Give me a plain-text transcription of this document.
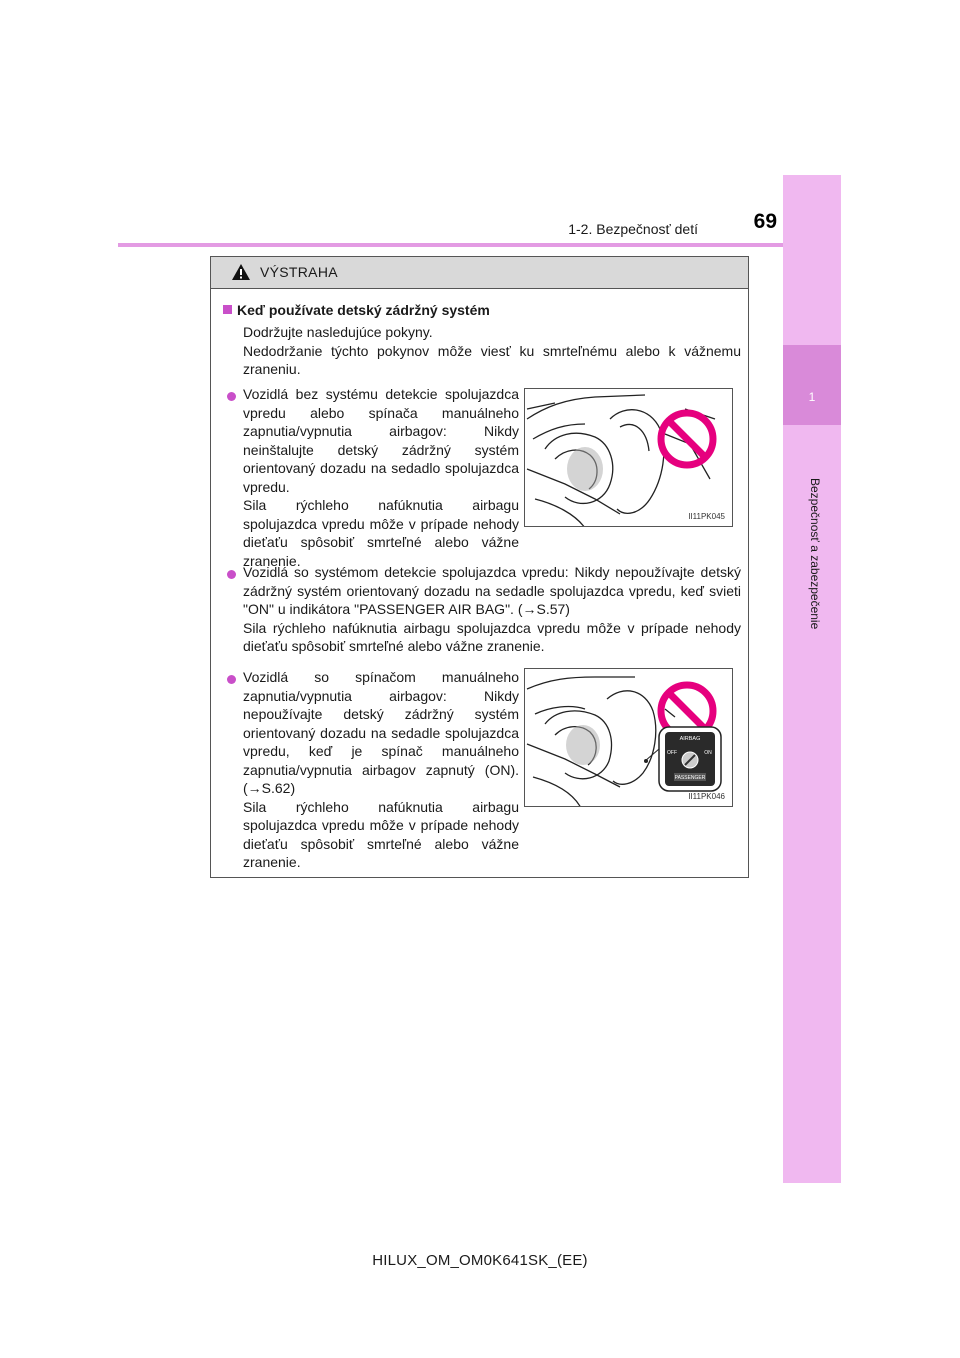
1
Bezpečnosť a zabezpečenie
1-2. Bezpečnosť detí	69
VÝSTRAHA
Keď používate detský zádržný systém

Dodržujte nasledujúce pokyny.
Nedodržanie týchto pokynov môže viesť ku smrteľnému alebo k vážnemu zraneniu.

Vozidlá bez systému detekcie spolujazdca vpredu alebo spínača manuálneho zapnutia/vypnutia airbagov: Nikdy neinštalujte detský zádržný systém orientovaný dozadu na sedadlo spolujazdca vpredu.
Sila rýchleho nafúknutia airbagu spolujazdca vpredu môže v prípade nehody dieťaťu spôsobiť smrteľné alebo vážne zranenie.

II11PK045

Vozidlá so systémom detekcie spolujazdca vpredu: Nikdy nepoužívajte detský zádržný systém orientovaný dozadu na sedadle spolujazdca vpredu, keď svieti "ON" u indikátora "PASSENGER AIR BAG". (→S.57)
Sila rýchleho nafúknutia airbagu spolujazdca vpredu môže v prípade nehody dieťaťu spôsobiť smrteľné alebo vážne zranenie.

Vozidlá so spínačom manuálneho zapnutia/vypnutia airbagov: Nikdy nepoužívajte detský zádržný systém orientovaný dozadu na sedadle spolujazdca vpredu, keď je spínač manuálneho zapnutia/vypnutia airbagov zapnutý (ON). (→S.62)
Sila rýchleho nafúknutia airbagu spolujazdca vpredu môže v prípade nehody dieťaťu spôsobiť smrteľné alebo vážne zranenie.

AIRBAG
OFF	ON
PASSENGER
II11PK046
HILUX_OM_OM0K641SK_(EE)
